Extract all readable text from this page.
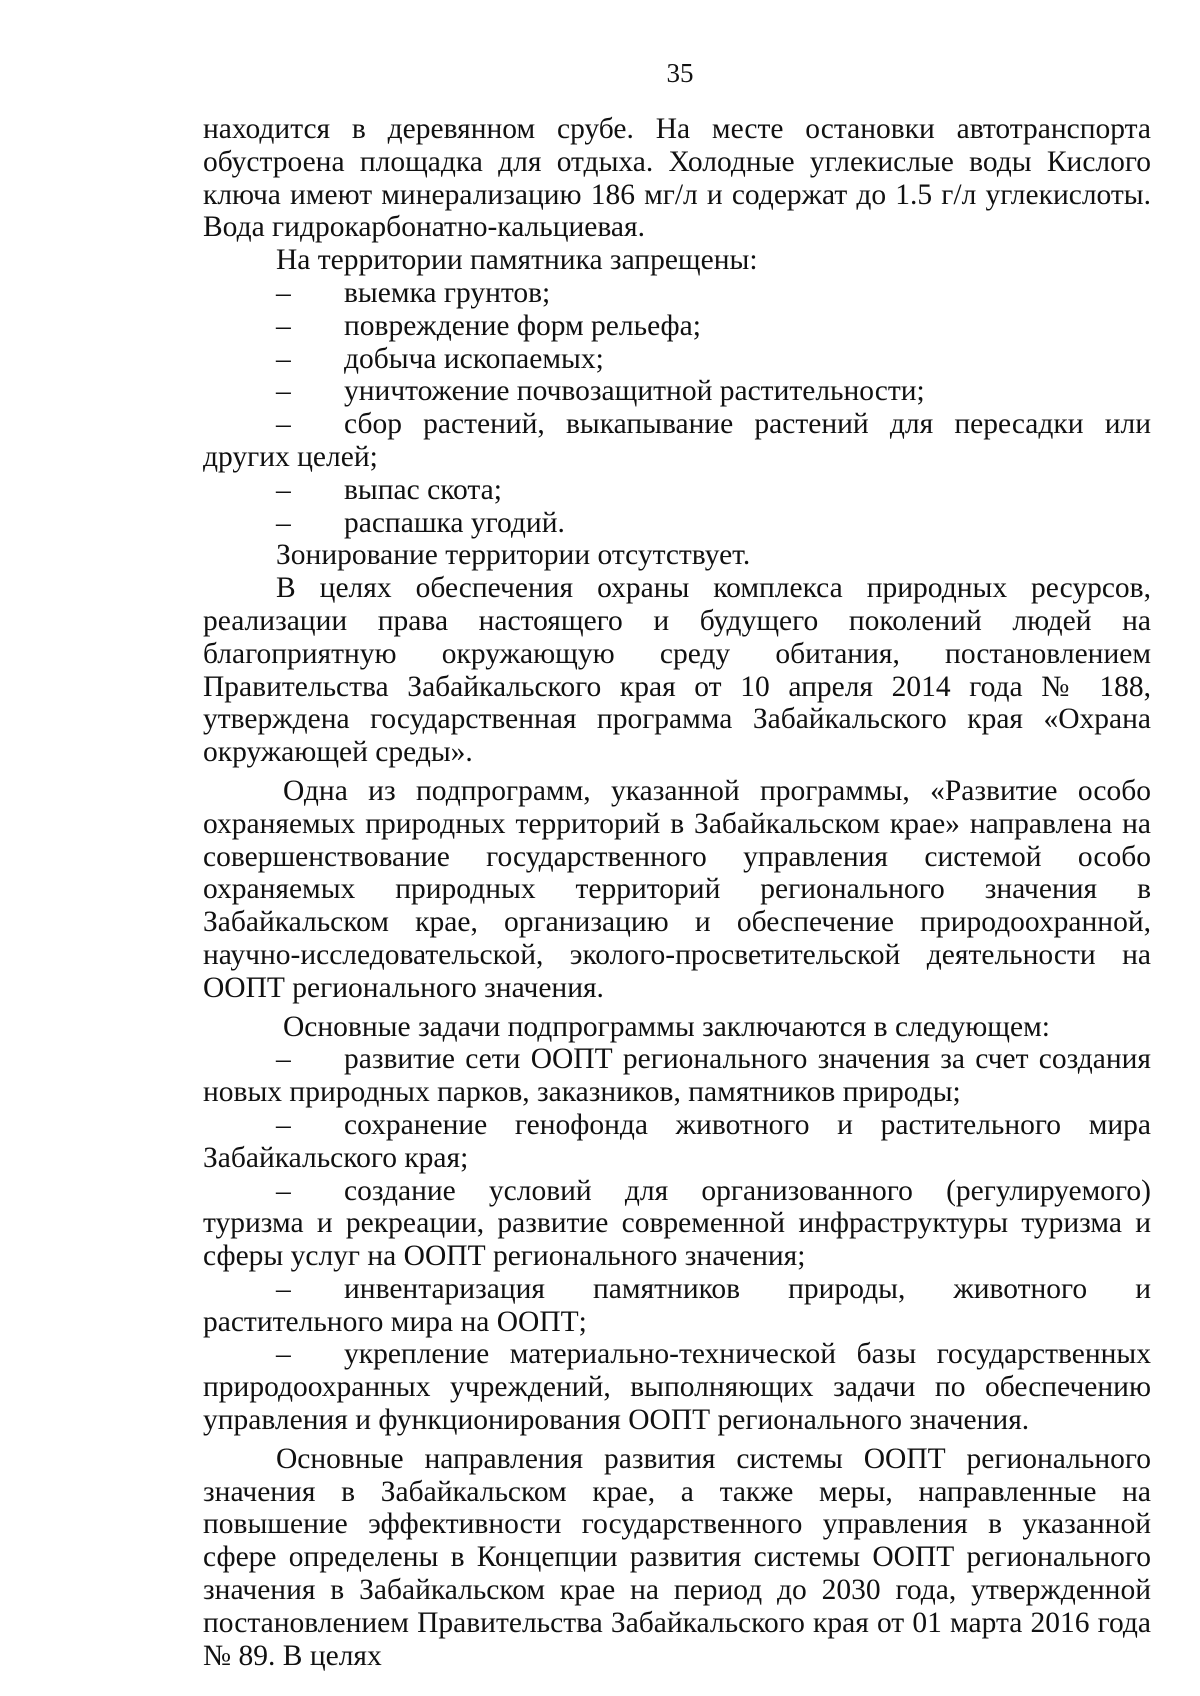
35

находится в деревянном срубе. На месте остановки автотранспорта обустроена площадка для отдыха. Холодные углекислые воды Кислого ключа имеют минерализацию 186 мг/л и содержат до 1.5 г/л углекислоты. Вода гидрокарбонатно-кальциевая.

На территории памятника запрещены:

– выемка грунтов;

– повреждение форм рельефа;

– добыча ископаемых;

– уничтожение почвозащитной растительности;

– сбор растений, выкапывание растений для пересадки или других целей;

– выпас скота;

– распашка угодий.

Зонирование территории отсутствует.

В целях обеспечения охраны комплекса природных ресурсов, реализации права настоящего и будущего поколений людей на благоприятную окружающую среду обитания, постановлением Правительства Забайкальского края от 10 апреля 2014 года № 188, утверждена государственная программа Забайкальского края «Охрана окружающей среды».

Одна из подпрограмм, указанной программы, «Развитие особо охраняемых природных территорий в Забайкальском крае» направлена на совершенствование государственного управления системой особо охраняемых природных территорий регионального значения в Забайкальском крае, организацию и обеспечение природоохранной, научно-исследовательской, эколого-просветительской деятельности на ООПТ регионального значения.

Основные задачи подпрограммы заключаются в следующем:

– развитие сети ООПТ регионального значения за счет создания новых природных парков, заказников, памятников природы;

– сохранение генофонда животного и растительного мира Забайкальского края;

– создание условий для организованного (регулируемого) туризма и рекреации, развитие современной инфраструктуры туризма и сферы услуг на ООПТ регионального значения;

– инвентаризация памятников природы, животного и растительного мира на ООПТ;

– укрепление материально-технической базы государственных природоохранных учреждений, выполняющих задачи по обеспечению управления и функционирования ООПТ регионального значения.

Основные направления развития системы ООПТ регионального значения в Забайкальском крае, а также меры, направленные на повышение эффективности государственного управления в указанной сфере определены в Концепции развития системы ООПТ регионального значения в Забайкальском крае на период до 2030 года, утвержденной постановлением Правительства Забайкальского края от 01 марта 2016 года № 89. В целях
